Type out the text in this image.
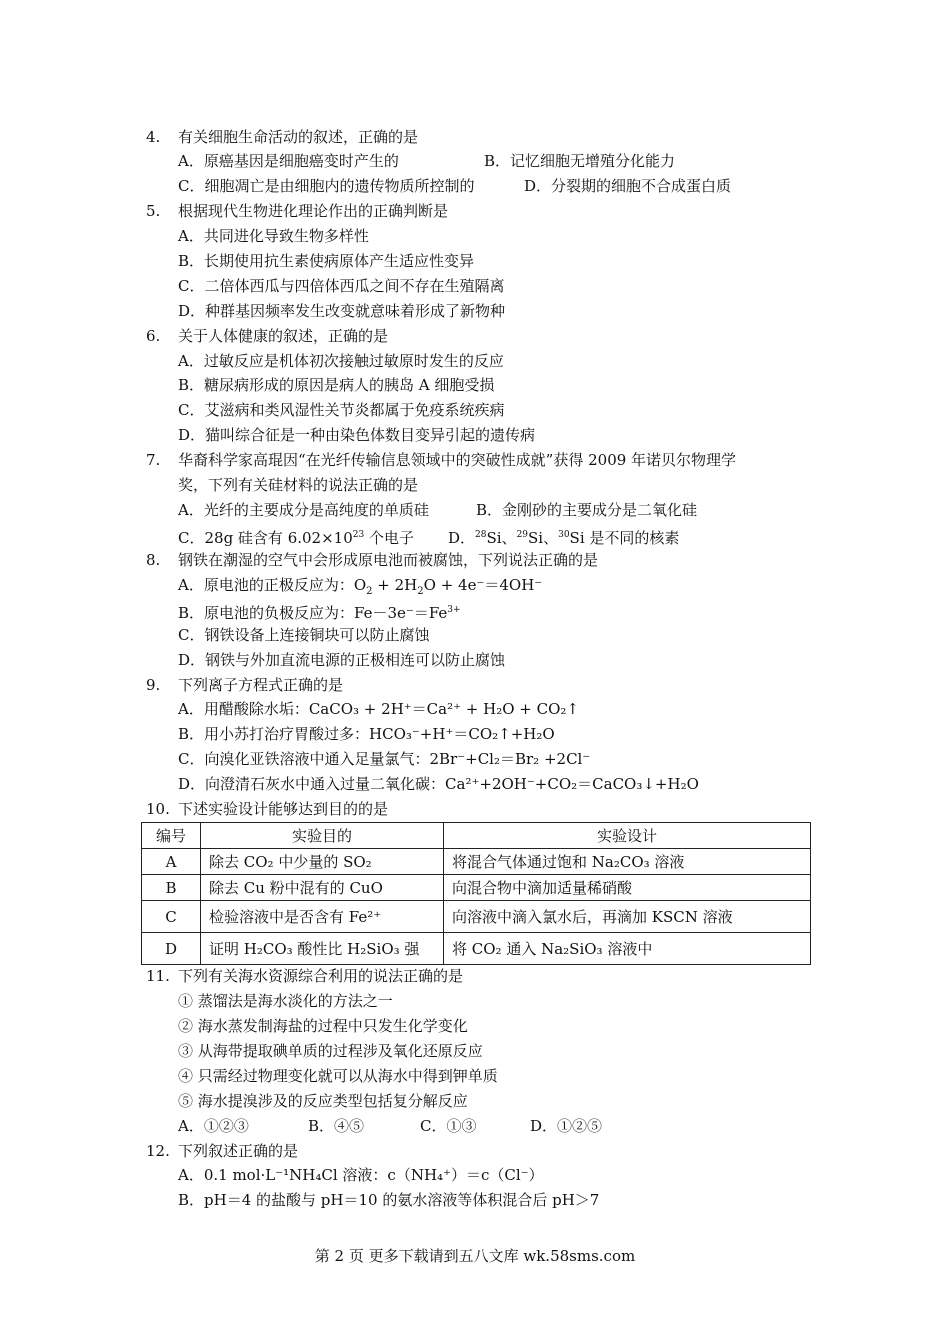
4. 有关细胞生命活动的叙述，正确的是
A．原癌基因是细胞癌变时产生的	B．记忆细胞无增殖分化能力
C．细胞凋亡是由细胞内的遗传物质所控制的	D．分裂期的细胞不合成蛋白质
5. 根据现代生物进化理论作出的正确判断是
A．共同进化导致生物多样性
B．长期使用抗生素使病原体产生适应性变异
C．二倍体西瓜与四倍体西瓜之间不存在生殖隔离
D．种群基因频率发生改变就意味着形成了新物种
6. 关于人体健康的叙述，正确的是
A．过敏反应是机体初次接触过敏原时发生的反应
B．糖尿病形成的原因是病人的胰岛 A 细胞受损
C．艾滋病和类风湿性关节炎都属于免疫系统疾病
D．猫叫综合征是一种由染色体数目变异引起的遗传病
7. 华裔科学家高琨因“在光纤传输信息领域中的突破性成就”获得 2009 年诺贝尔物理学
奖，下列有关硅材料的说法正确的是
A．光纤的主要成分是高纯度的单质硅	B．金刚砂的主要成分是二氧化硅
C．28g 硅含有 $6.02\times 10^{23}$ 个电子 D．$^{28}$Si、$^{29}$Si、$^{30}$Si 是不同的核素
8. 钢铁在潮湿的空气中会形成原电池而被腐蚀，下列说法正确的是
A．原电池的正极反应为：$O_2 + 2H_2O + 4e^-=4OH^-$
B．原电池的负极反应为：$Fe-3e^-=Fe^{3+}$
C．钢铁设备上连接铜块可以防止腐蚀
D．钢铁与外加直流电源的正极相连可以防止腐蚀
9. 下列离子方程式正确的是
A．用醋酸除水垢：CaCO₃ + 2H⁺＝Ca²⁺ + H₂O + CO₂↑
B．用小苏打治疗胃酸过多：HCO₃⁻+H⁺＝CO₂↑+H₂O
C．向溴化亚铁溶液中通入足量氯气：2Br⁻+Cl₂＝Br₂ +2Cl⁻
D．向澄清石灰水中通入过量二氧化碳：Ca²⁺+2OH⁻+CO₂＝CaCO₃↓+H₂O
10. 下述实验设计能够达到目的的是
编号	实验目的	实验设计
A	除去 CO₂ 中少量的 SO₂	将混合气体通过饱和 Na₂CO₃ 溶液
B	除去 Cu 粉中混有的 CuO	向混合物中滴加适量稀硝酸
C	检验溶液中是否含有 Fe²⁺	向溶液中滴入氯水后，再滴加 KSCN 溶液
D	证明 H₂CO₃ 酸性比 H₂SiO₃ 强	将 CO₂ 通入 Na₂SiO₃ 溶液中
11. 下列有关海水资源综合利用的说法正确的是
① 蒸馏法是海水淡化的方法之一
② 海水蒸发制海盐的过程中只发生化学变化
③ 从海带提取碘单质的过程涉及氧化还原反应
④ 只需经过物理变化就可以从海水中得到钾单质
⑤ 海水提溴涉及的反应类型包括复分解反应
A．①②③	B．④⑤	C．①③	D．①②⑤
12. 下列叙述正确的是
A．0.1 mol·L⁻¹NH₄Cl 溶液：c（NH₄⁺）＝c（Cl⁻）
B．pH＝4 的盐酸与 pH＝10 的氨水溶液等体积混合后 pH＞7
第 2 页 更多下载请到五八文库 wk.58sms.com
